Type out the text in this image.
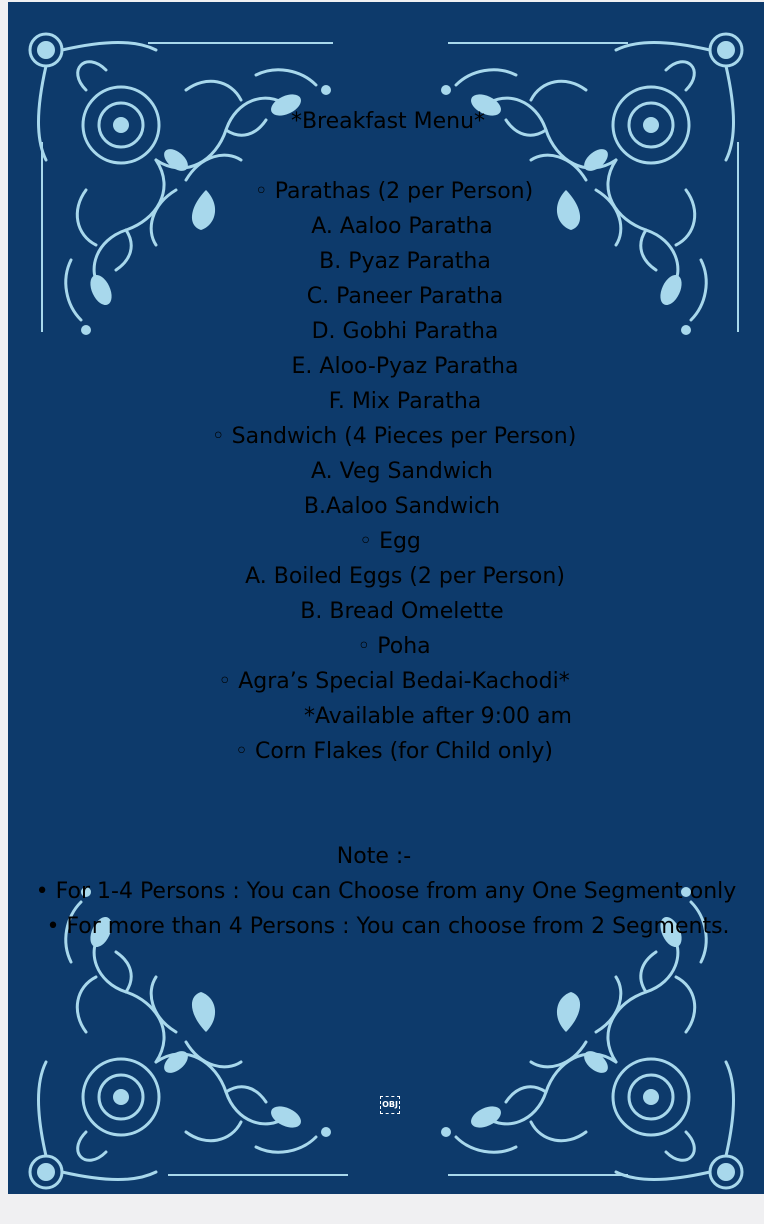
*Breakfast Menu*
◦ Parathas (2 per Person)
A. Aaloo Paratha
B. Pyaz Paratha
C. Paneer Paratha
D. Gobhi Paratha
E. Aloo-Pyaz Paratha
F. Mix Paratha
◦ Sandwich (4 Pieces per Person)
A. Veg Sandwich
B.Aaloo Sandwich
◦ Egg
A. Boiled Eggs (2 per Person)
B. Bread Omelette
◦ Poha
◦ Agra’s Special Bedai-Kachodi*
*Available after 9:00 am
◦ Corn Flakes (for Child only)
Note :-
• For 1-4 Persons : You can Choose from any One Segment only
• For more than 4 Persons : You can choose from 2 Segments.
OBJ
